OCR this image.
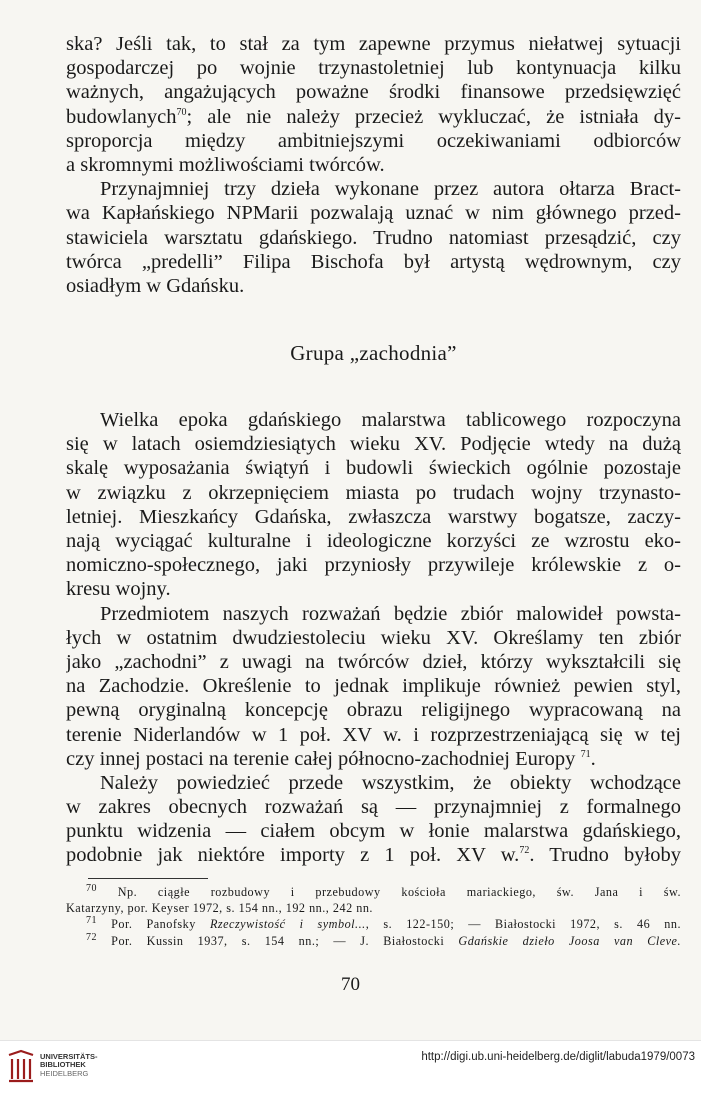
ska? Jeśli tak, to stał za tym zapewne przymus niełatwej sytuacji
gospodarczej po wojnie trzynastoletniej lub kontynuacja kilku
ważnych, angażujących poważne środki finansowe przedsięwzięć
budowlanych$^{70}$; ale nie należy przecież wykluczać, że istniała dy-
sproporcja między ambitniejszymi oczekiwaniami odbiorców
a skromnymi możliwościami twórców.
Przynajmniej trzy dzieła wykonane przez autora ołtarza Bract-
wa Kapłańskiego NPMarii pozwalają uznać w nim głównego przed-
stawiciela warsztatu gdańskiego. Trudno natomiast przesądzić, czy
twórca „predelli” Filipa Bischofa był artystą wędrownym, czy
osiadłym w Gdańsku.
Grupa „zachodnia”
Wielka epoka gdańskiego malarstwa tablicowego rozpoczyna
się w latach osiemdziesiątych wieku XV. Podjęcie wtedy na dużą
skalę wyposażania świątyń i budowli świeckich ogólnie pozostaje
w związku z okrzepnięciem miasta po trudach wojny trzynasto-
letniej. Mieszkańcy Gdańska, zwłaszcza warstwy bogatsze, zaczy-
nają wyciągać kulturalne i ideologiczne korzyści ze wzrostu eko-
nomiczno-społecznego, jaki przyniosły przywileje królewskie z o-
kresu wojny.
Przedmiotem naszych rozważań będzie zbiór malowideł powsta-
łych w ostatnim dwudziestoleciu wieku XV. Określamy ten zbiór
jako „zachodni” z uwagi na twórców dzieł, którzy wykształcili się
na Zachodzie. Określenie to jednak implikuje również pewien styl,
pewną oryginalną koncepcję obrazu religijnego wypracowaną na
terenie Niderlandów w 1 poł. XV w. i rozprzestrzeniającą się w tej
czy innej postaci na terenie całej północno-zachodniej Europy $^{71}$.
Należy powiedzieć przede wszystkim, że obiekty wchodzące
w zakres obecnych rozważań są — przynajmniej z formalnego
punktu widzenia — ciałem obcym w łonie malarstwa gdańskiego,
podobnie jak niektóre importy z 1 poł. XV w.$^{72}$. Trudno byłoby
$^{70}$ Np. ciągłe rozbudowy i przebudowy kościoła mariackiego, św. Jana i św.
Katarzyny, por. Keyser 1972, s. 154 nn., 192 nn., 242 nn.
$^{71}$ Por. Panofsky Rzeczywistość i symbol..., s. 122-150; — Białostocki 1972, s. 46 nn.
$^{72}$ Por. Kussin 1937, s. 154 nn.; — J. Białostocki Gdańskie dzieło Joosa van Cleve.
70
UNIVERSITÄTS-
BIBLIOTHEK
HEIDELBERG
http://digi.ub.uni-heidelberg.de/diglit/labuda1979/0073
